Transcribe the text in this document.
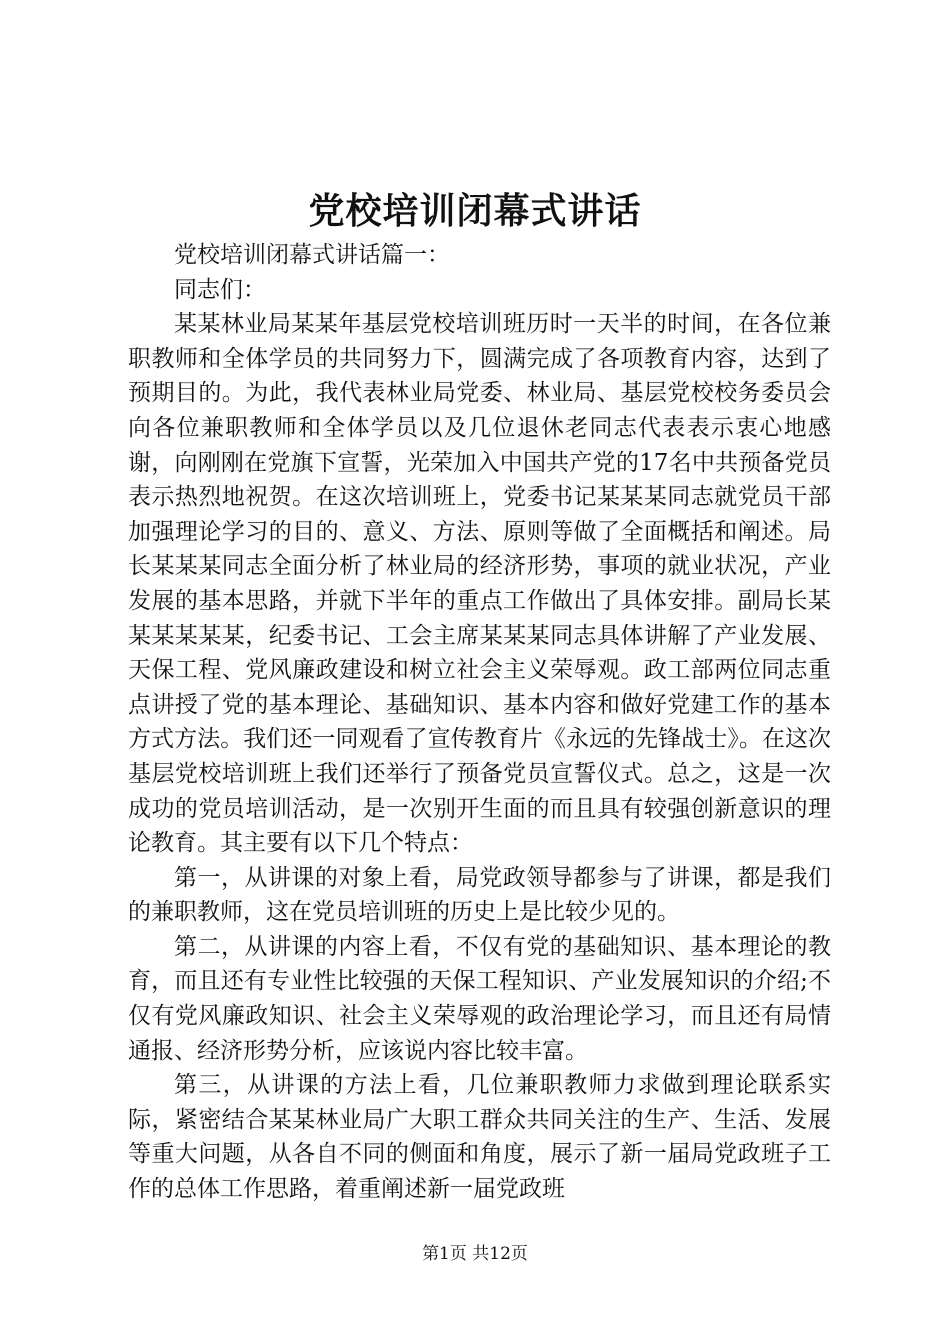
党校培训闭幕式讲话

党校培训闭幕式讲话篇一：

同志们：

某某林业局某某年基层党校培训班历时一天半的时间，在各位兼职教师和全体学员的共同努力下，圆满完成了各项教育内容，达到了预期目的。为此，我代表林业局党委、林业局、基层党校校务委员会向各位兼职教师和全体学员以及几位退休老同志代表表示衷心地感谢，向刚刚在党旗下宣誓，光荣加入中国共产党的17名中共预备党员表示热烈地祝贺。在这次培训班上，党委书记某某某同志就党员干部加强理论学习的目的、意义、方法、原则等做了全面概括和阐述。局长某某某同志全面分析了林业局的经济形势，事项的就业状况，产业发展的基本思路，并就下半年的重点工作做出了具体安排。副局长某某某某某某，纪委书记、工会主席某某某同志具体讲解了产业发展、天保工程、党风廉政建设和树立社会主义荣辱观。政工部两位同志重点讲授了党的基本理论、基础知识、基本内容和做好党建工作的基本方式方法。我们还一同观看了宣传教育片《永远的先锋战士》。在这次基层党校培训班上我们还举行了预备党员宣誓仪式。总之，这是一次成功的党员培训活动，是一次别开生面的而且具有较强创新意识的理论教育。其主要有以下几个特点：

第一，从讲课的对象上看，局党政领导都参与了讲课，都是我们的兼职教师，这在党员培训班的历史上是比较少见的。

第二，从讲课的内容上看，不仅有党的基础知识、基本理论的教育，而且还有专业性比较强的天保工程知识、产业发展知识的介绍;不仅有党风廉政知识、社会主义荣辱观的政治理论学习，而且还有局情通报、经济形势分析，应该说内容比较丰富。

第三，从讲课的方法上看，几位兼职教师力求做到理论联系实际，紧密结合某某林业局广大职工群众共同关注的生产、生活、发展等重大问题，从各自不同的侧面和角度，展示了新一届局党政班子工作的总体工作思路，着重阐述新一届党政班

第1页 共12页
